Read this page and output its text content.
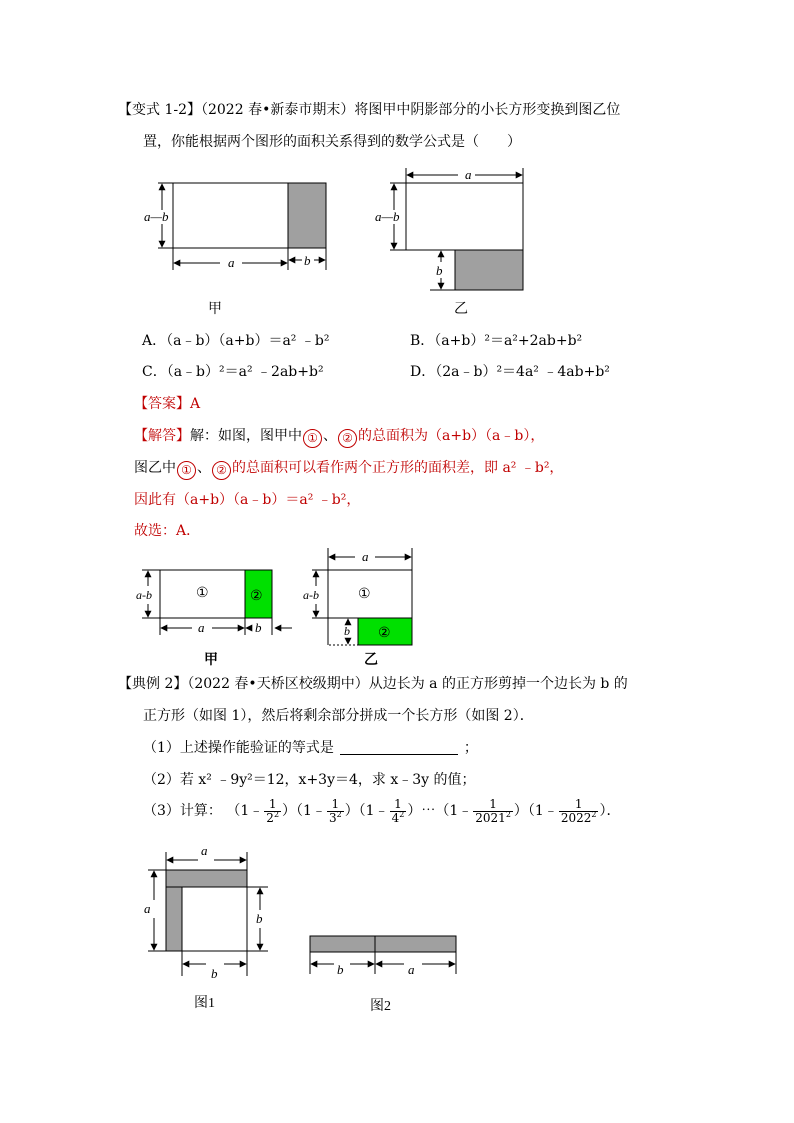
【变式 1-2】（2022 春•新泰市期末）将图甲中阴影部分的小长方形变换到图乙位
置，你能根据两个图形的面积关系得到的数学公式是（　　）
a—b
a	b
甲
a
a—b
b
乙
A．（a﹣b）（a+b）＝a² ﹣b²	B．（a+b）²＝a²+2ab+b²
C．（a﹣b）²＝a² ﹣2ab+b²	D．（2a﹣b）²＝4a² ﹣4ab+b²
【答案】A
【解答】解：如图，图甲中 ① 、 ② 的总面积为（a+b）（a﹣b），
图乙中 ① 、 ② 的总面积可以看作两个正方形的面积差，即 a² ﹣b²，
因此有（a+b）（a﹣b）＝a² ﹣b²，
故选：A．
①	②
a-b
a	b
甲
①
②
a
a-b
b
乙
【典例 2】（2022 春•天桥区校级期中）从边长为 a 的正方形剪掉一个边长为 b 的
正方形（如图 1），然后将剩余部分拼成一个长方形（如图 2）．
（1）上述操作能验证的等式是	；
（2）若 x² ﹣9y²＝12，x+3y＝4，求 x﹣3y 的值；
（3）计算： （1﹣ $\frac{1}{2^2}$ ）（1﹣ $\frac{1}{3^2}$ ）（1﹣ $\frac{1}{4^2}$ ）⋯（1﹣ $\frac{1}{2021^2}$ ）（1﹣ $\frac{1}{2022^2}$ ）．
a
a
b
b
图1
b	a
图2
